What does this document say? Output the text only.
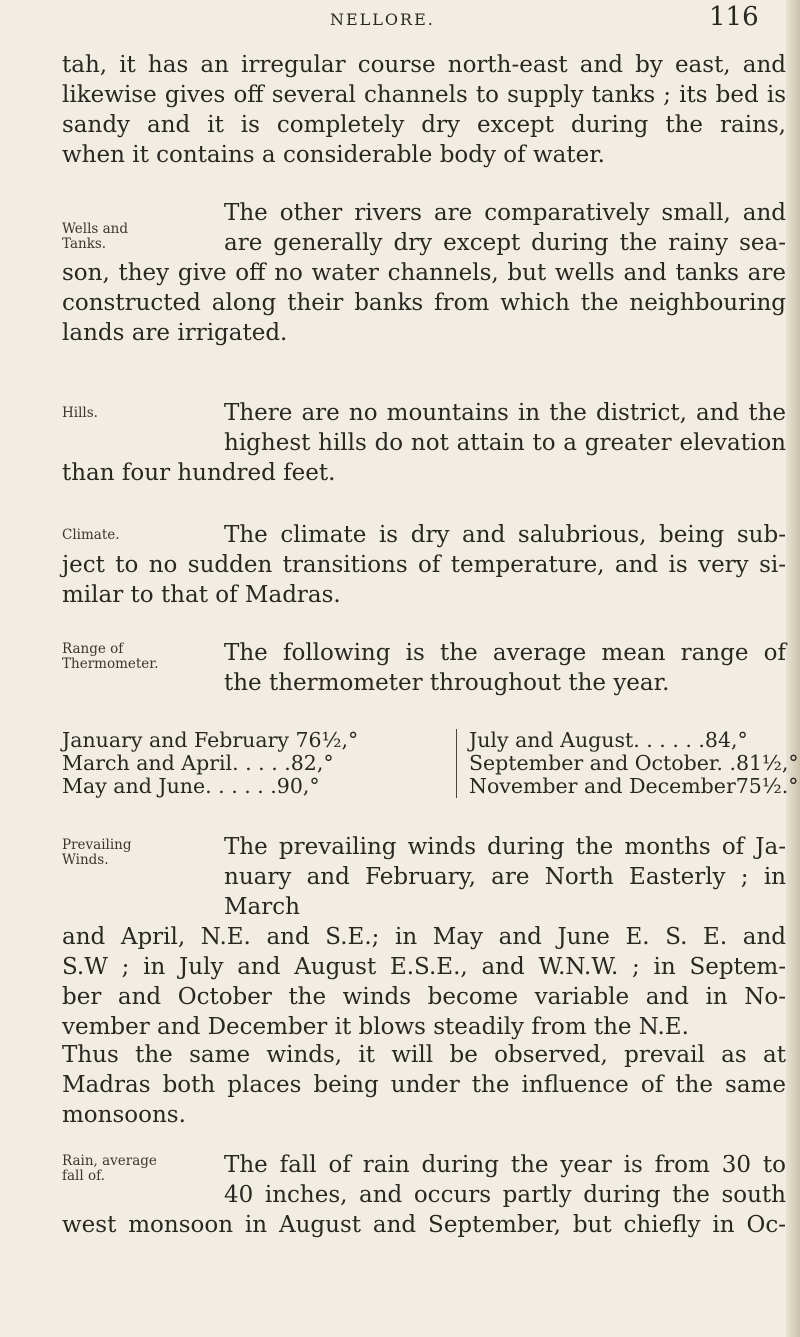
NELLORE.	116

tah, it has an irregular course north-east and by east, and

likewise gives off several channels to supply tanks ; its bed is

sandy and it is completely dry except during the rains,

when it contains a considerable body of water.

Wells and
Tanks.

The other rivers are comparatively small, and

are generally dry except during the rainy sea-

son, they give off no water channels, but wells and tanks are

constructed along their banks from which the neighbouring

lands are irrigated.

Hills.	There are no mountains in the district, and the

highest hills do not attain to a greater elevation

than four hundred feet.

Climate.	The climate is dry and salubrious, being sub-

ject to no sudden transitions of temperature, and is very si-

milar to that of Madras.

Range of
Thermometer.	The following is the average mean range of

the thermometer throughout the year.

January and February 76½,°
March and April. . . . .82,°
May and June. . . . . .90,°
July and August. . . . . .84,°
September and October. .81½,°
November and December75½.°
Prevailing
Winds.	The prevailing winds during the months of Ja-

nuary and February, are North Easterly ; in March

and April, N.E. and S.E.; in May and June E. S. E. and

S.W ; in July and August E.S.E., and W.N.W. ; in Septem-

ber and October the winds become variable and in No-

vember and December it blows steadily from the N.E.

Thus the same winds, it will be observed, prevail as at

Madras both places being under the influence of the same

monsoons.

Rain, average
fall of.	The fall of rain during the year is from 30 to

40 inches, and occurs partly during the south

west monsoon in August and September, but chiefly in Oc-
